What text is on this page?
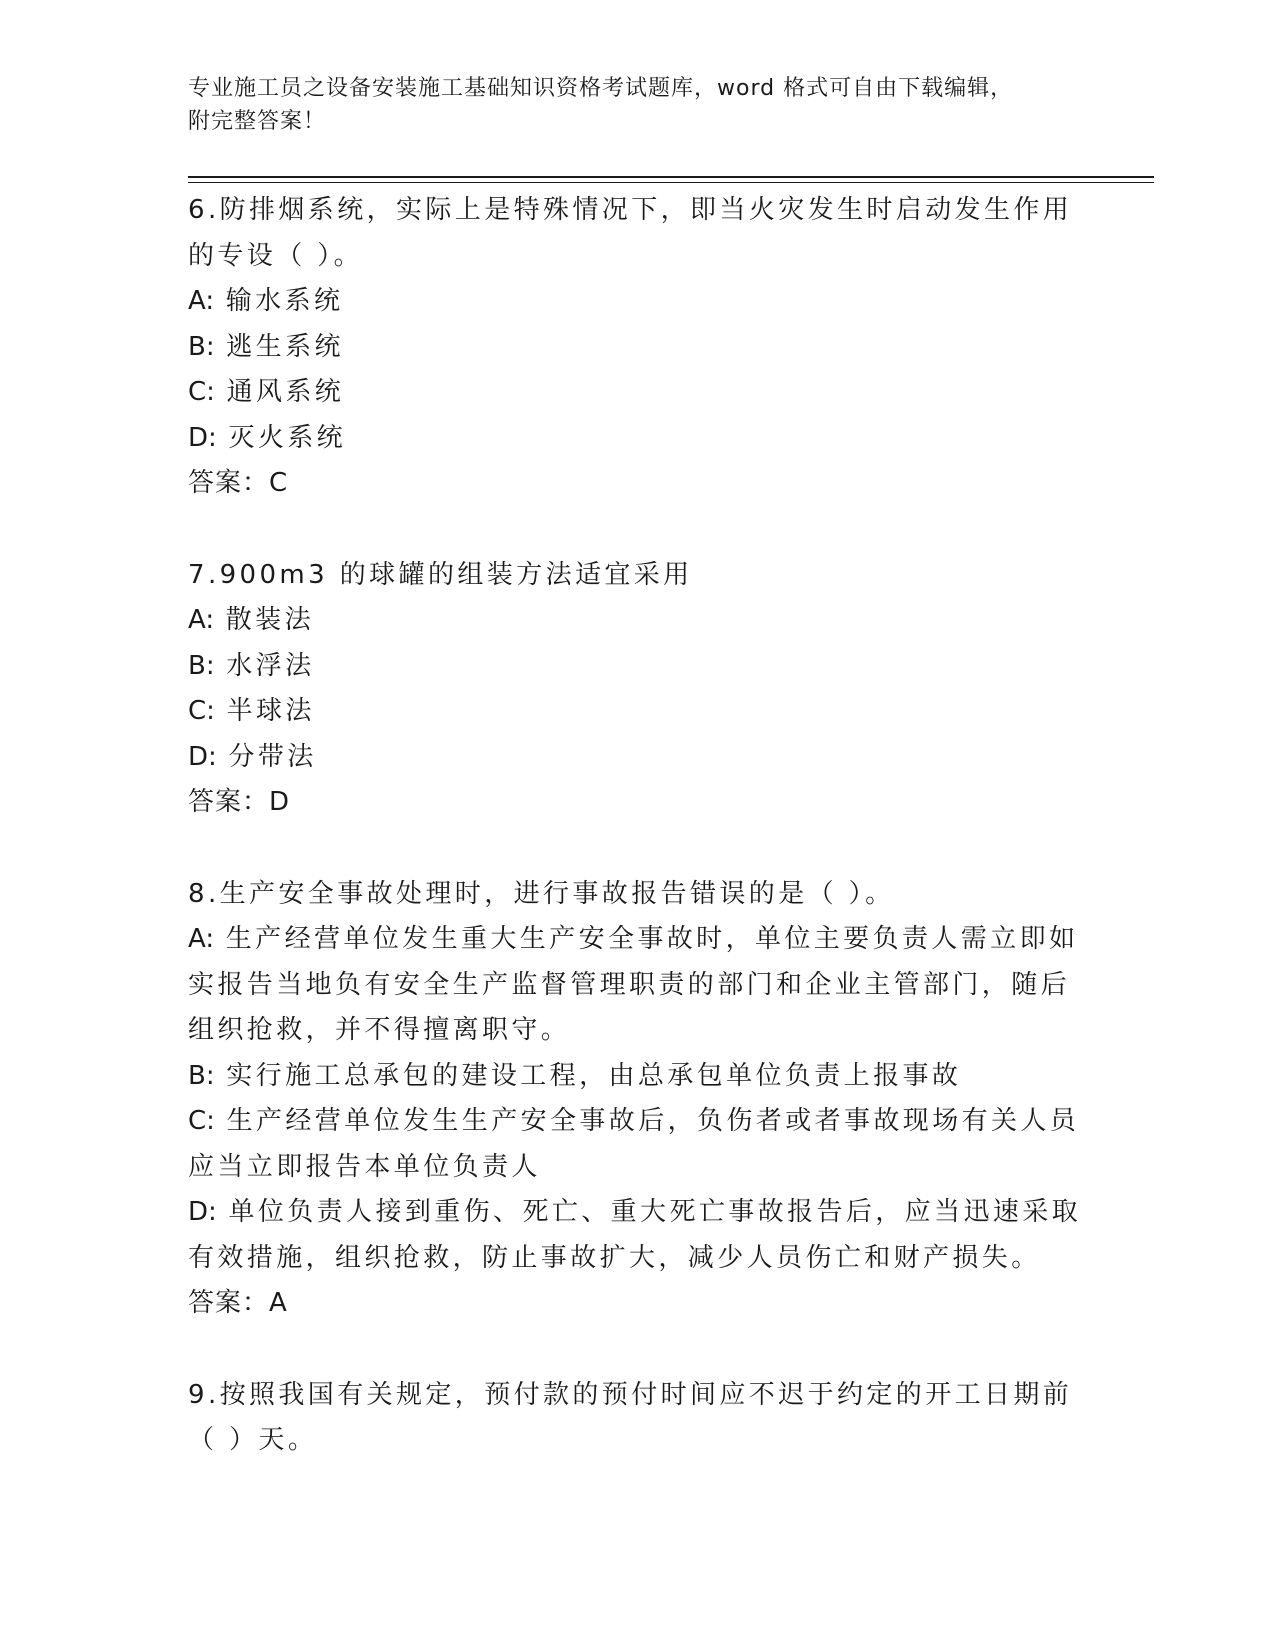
专业施工员之设备安装施工基础知识资格考试题库，word 格式可自由下载编辑，
附完整答案！
6.防排烟系统，实际上是特殊情况下，即当火灾发生时启动发生作用
的专设（ ）。
A: 输水系统
B: 逃生系统
C: 通风系统
D: 灭火系统
答案：C
7.900m3 的球罐的组装方法适宜采用
A: 散装法
B: 水浮法
C: 半球法
D: 分带法
答案：D
8.生产安全事故处理时，进行事故报告错误的是（ ）。
A: 生产经营单位发生重大生产安全事故时，单位主要负责人需立即如
实报告当地负有安全生产监督管理职责的部门和企业主管部门，随后
组织抢救，并不得擅离职守。
B: 实行施工总承包的建设工程，由总承包单位负责上报事故
C: 生产经营单位发生生产安全事故后，负伤者或者事故现场有关人员
应当立即报告本单位负责人
D: 单位负责人接到重伤、死亡、重大死亡事故报告后，应当迅速采取
有效措施，组织抢救，防止事故扩大，减少人员伤亡和财产损失。
答案：A
9.按照我国有关规定，预付款的预付时间应不迟于约定的开工日期前
（ ）天。
